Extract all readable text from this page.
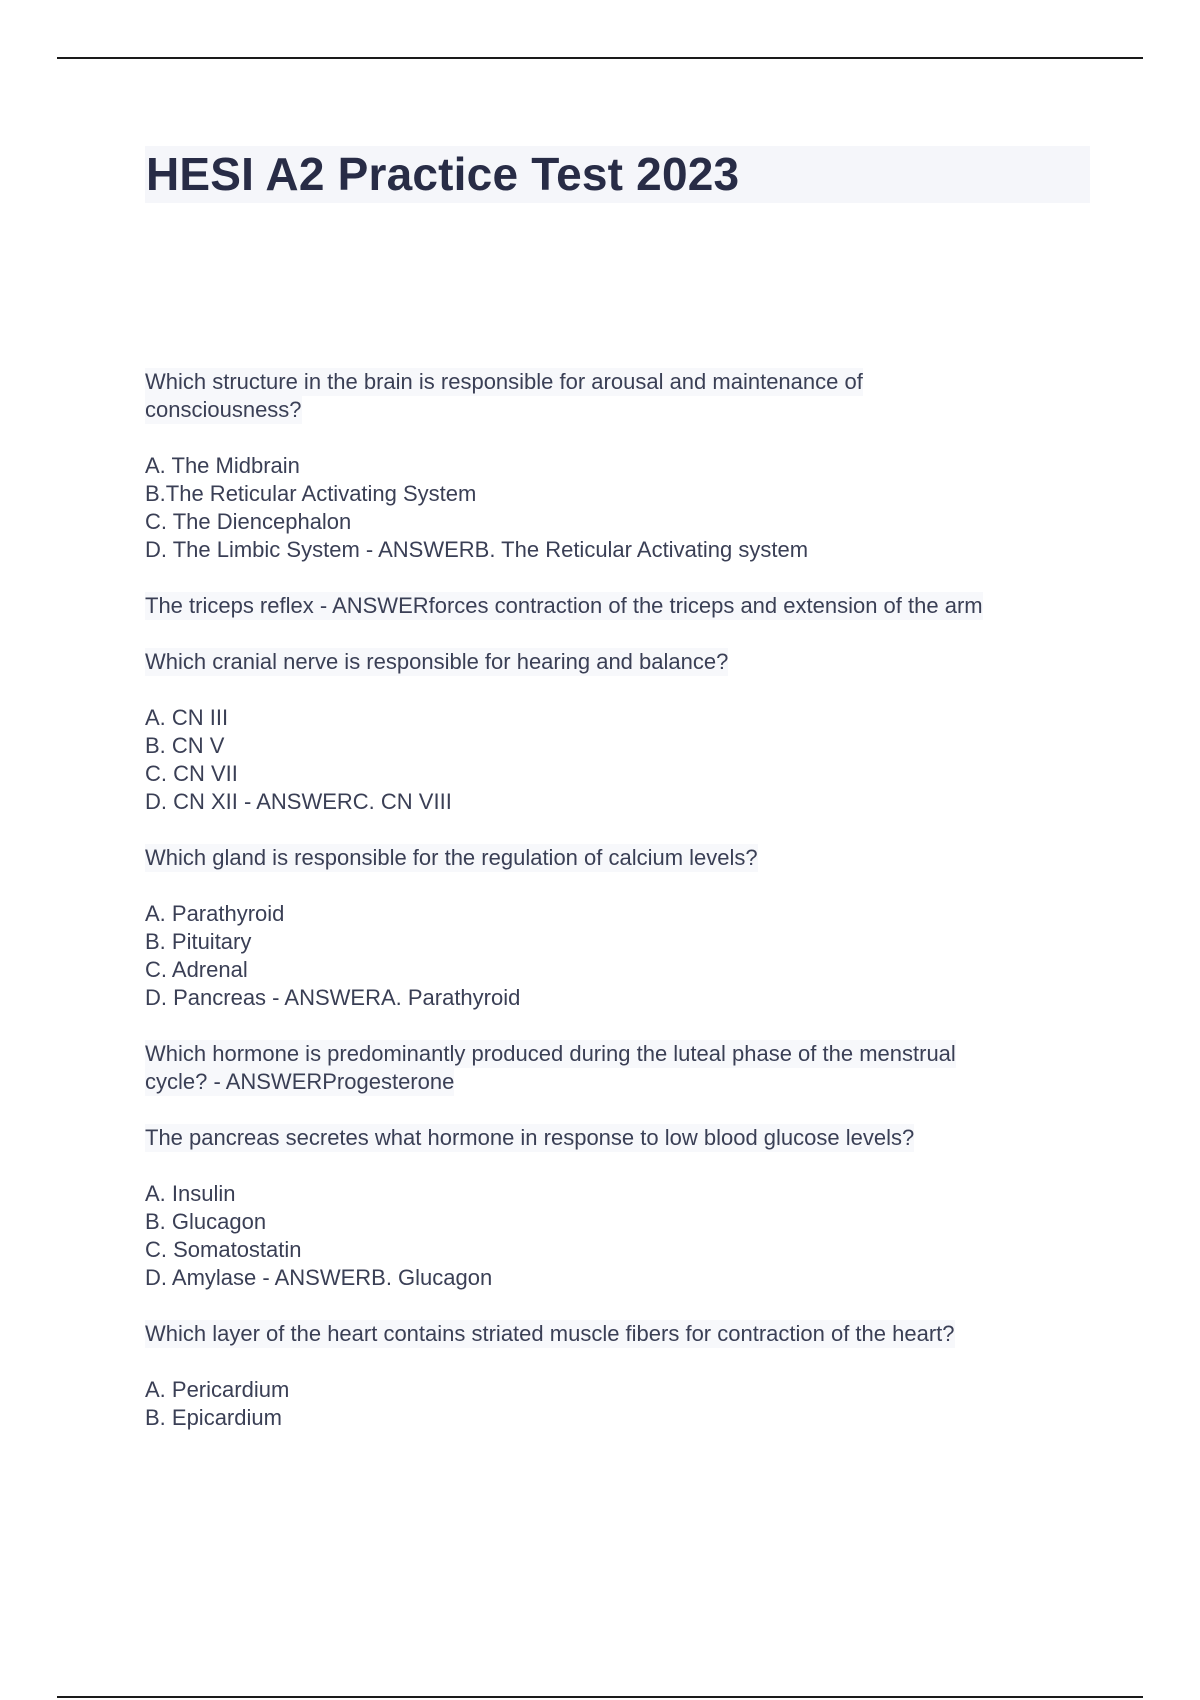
HESI A2 Practice Test 2023
Which structure in the brain is responsible for arousal and maintenance of
consciousness?
A. The Midbrain
B.The Reticular Activating System
C. The Diencephalon
D. The Limbic System - ANSWERB. The Reticular Activating system
The triceps reflex - ANSWERforces contraction of the triceps and extension of the arm
Which cranial nerve is responsible for hearing and balance?
A. CN III
B. CN V
C. CN VII
D. CN XII - ANSWERC. CN VIII
Which gland is responsible for the regulation of calcium levels?
A. Parathyroid
B. Pituitary
C. Adrenal
D. Pancreas - ANSWERA. Parathyroid
Which hormone is predominantly produced during the luteal phase of the menstrual
cycle? - ANSWERProgesterone
The pancreas secretes what hormone in response to low blood glucose levels?
A. Insulin
B. Glucagon
C. Somatostatin
D. Amylase - ANSWERB. Glucagon
Which layer of the heart contains striated muscle fibers for contraction of the heart?
A. Pericardium
B. Epicardium
